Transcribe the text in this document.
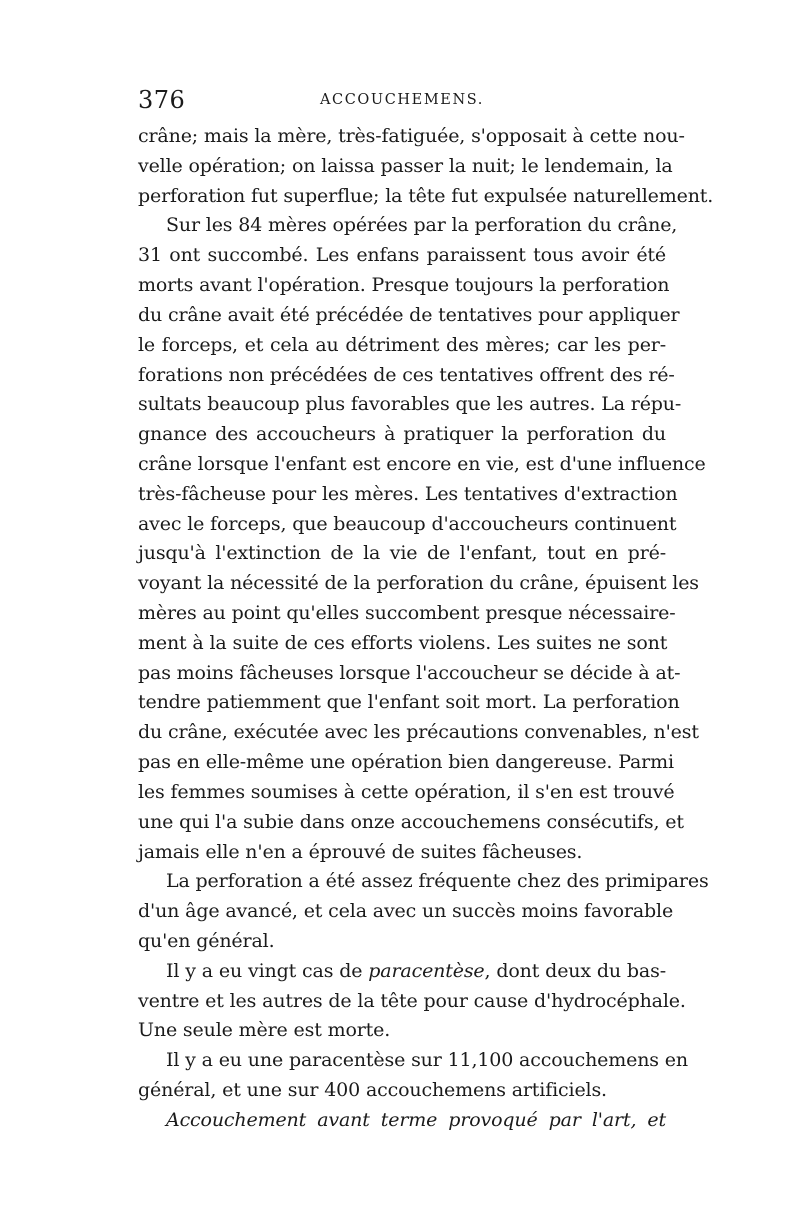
376	ACCOUCHEMENS.
crâne; mais la mère, très-fatiguée, s'opposait à cette nou-
velle opération; on laissa passer la nuit; le lendemain, la
perforation fut superflue; la tête fut expulsée naturellement.
Sur les 84 mères opérées par la perforation du crâne,
31 ont succombé. Les enfans paraissent tous avoir été
morts avant l'opération. Presque toujours la perforation
du crâne avait été précédée de tentatives pour appliquer
le forceps, et cela au détriment des mères; car les per-
forations non précédées de ces tentatives offrent des ré-
sultats beaucoup plus favorables que les autres. La répu-
gnance des accoucheurs à pratiquer la perforation du
crâne lorsque l'enfant est encore en vie, est d'une influence
très-fâcheuse pour les mères. Les tentatives d'extraction
avec le forceps, que beaucoup d'accoucheurs continuent
jusqu'à l'extinction de la vie de l'enfant, tout en pré-
voyant la nécessité de la perforation du crâne, épuisent les
mères au point qu'elles succombent presque nécessaire-
ment à la suite de ces efforts violens. Les suites ne sont
pas moins fâcheuses lorsque l'accoucheur se décide à at-
tendre patiemment que l'enfant soit mort. La perforation
du crâne, exécutée avec les précautions convenables, n'est
pas en elle-même une opération bien dangereuse. Parmi
les femmes soumises à cette opération, il s'en est trouvé
une qui l'a subie dans onze accouchemens consécutifs, et
jamais elle n'en a éprouvé de suites fâcheuses.
La perforation a été assez fréquente chez des primipares
d'un âge avancé, et cela avec un succès moins favorable
qu'en général.
Il y a eu vingt cas de paracentèse, dont deux du bas-
ventre et les autres de la tête pour cause d'hydrocéphale.
Une seule mère est morte.
Il y a eu une paracentèse sur 11,100 accouchemens en
général, et une sur 400 accouchemens artificiels.
Accouchement avant terme provoqué par l'art, et
